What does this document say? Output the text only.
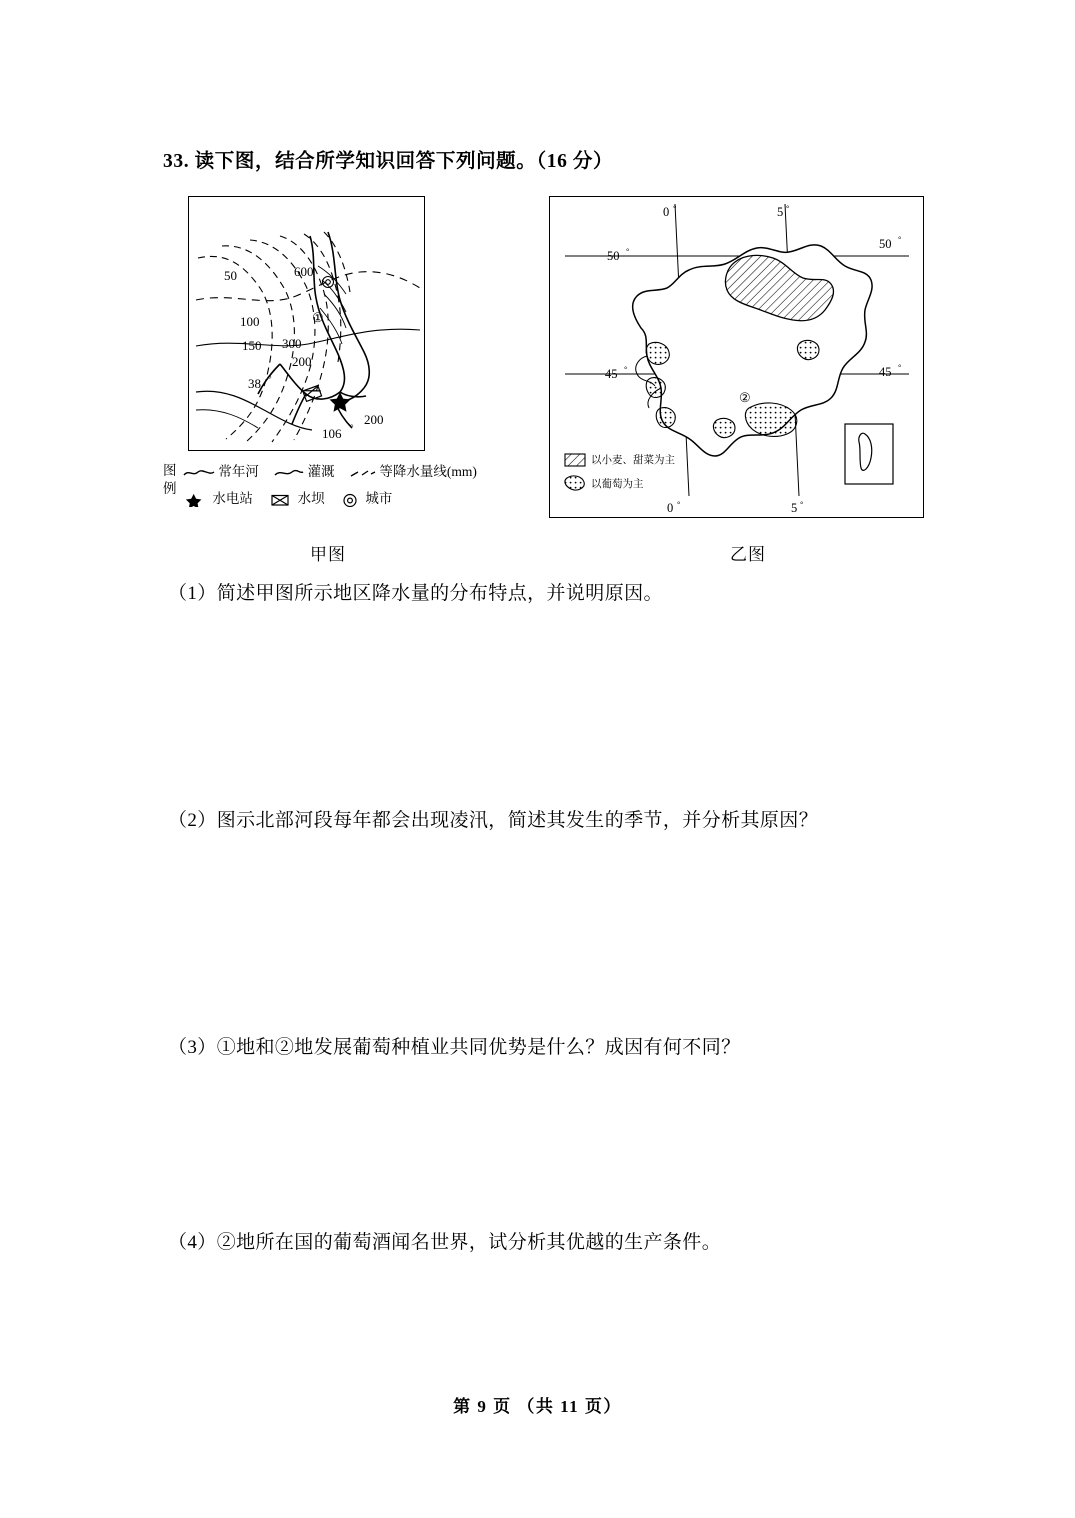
33. 读下图，结合所学知识回答下列问题。（16 分）
50
100
150 300
200
600
38 °
106 °
200
①
②
0 °	5 °
0 °	5 °
50 °
45 °
50 °
45 °
以小麦、甜菜为主
以葡萄为主
图例
常年河	灌溉	等降水量线(mm)
水电站	水坝	城市
甲图	乙图
（1）简述甲图所示地区降水量的分布特点，并说明原因。
（2）图示北部河段每年都会出现凌汛，简述其发生的季节，并分析其原因？
（3）①地和②地发展葡萄种植业共同优势是什么？成因有何不同？
（4）②地所在国的葡萄酒闻名世界，试分析其优越的生产条件。
第 9 页 （共 11 页）
